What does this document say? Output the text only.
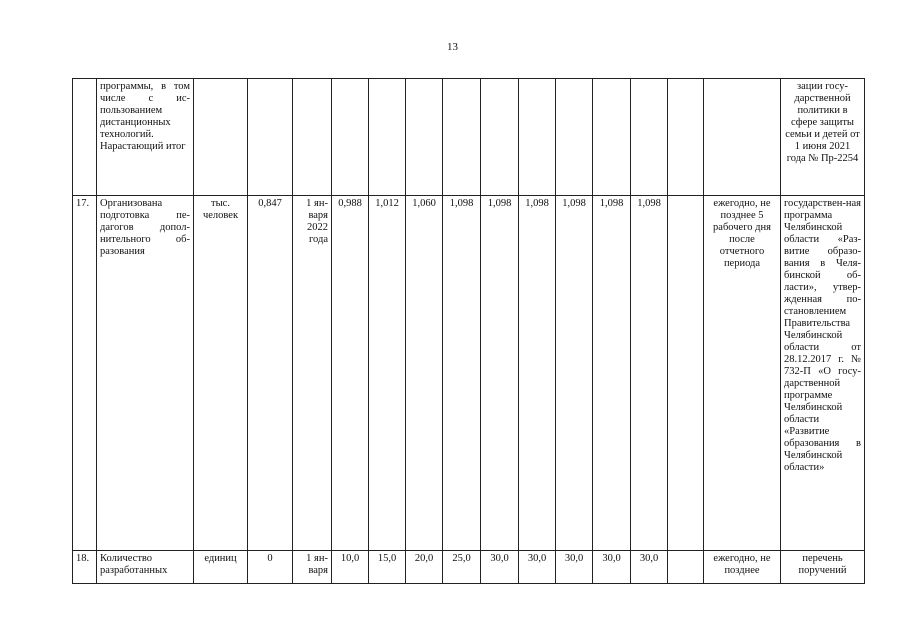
13
	программы, в том числе с ис-пользованием дистанционных технологий. Нарастающий итог															зации госу-дарственной политики в сфере защиты семьи и детей от 1 июня 2021 года № Пр-2254
17.	Организована подготовка пе-дагогов допол-нительного об-разования	тыс. человек	0,847	1 ян-варя 2022 года	0,988	1,012	1,060	1,098	1,098	1,098	1,098	1,098	1,098		ежегодно, не позднее 5 рабочего дня после отчетного периода	государствен-ная программа Челябинской области «Раз-витие образо-вания в Челя-бинской об-ласти», утвер-жденная по-становлением Правительства Челябинской области от 28.12.2017 г. № 732-П «О госу-дарственной программе Челябинской области «Развитие образования в Челябинской области»
18.	Количество разработанных	единиц	0	1 ян-варя	10,0	15,0	20,0	25,0	30,0	30,0	30,0	30,0	30,0		ежегодно, не позднее	перечень поручений
